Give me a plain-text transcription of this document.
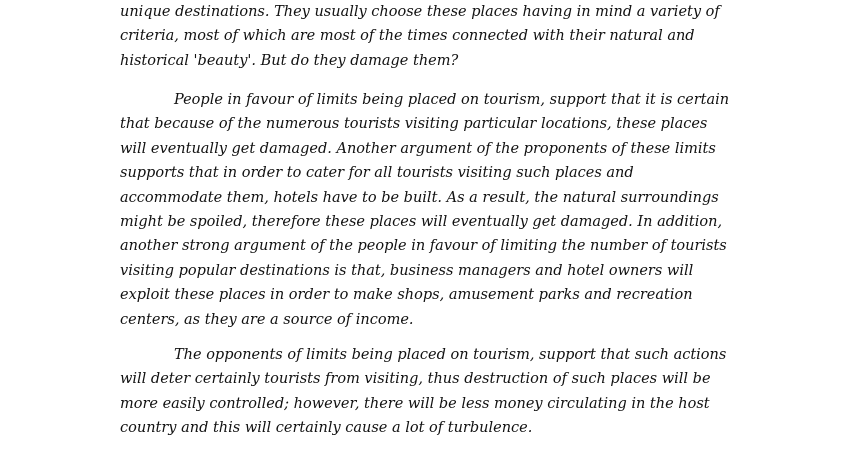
unique destinations. They usually choose these places having in mind a variety of
criteria, most of which are most of the times connected with their natural and
historical 'beauty'. But do they damage them?

People in favour of limits being placed on tourism, support that it is certain
that because of the numerous tourists visiting particular locations, these places
will eventually get damaged. Another argument of the proponents of these limits
supports that in order to cater for all tourists visiting such places and
accommodate them, hotels have to be built. As a result, the natural surroundings
might be spoiled, therefore these places will eventually get damaged. In addition,
another strong argument of the people in favour of limiting the number of tourists
visiting popular destinations is that, business managers and hotel owners will
exploit these places in order to make shops, amusement parks and recreation
centers, as they are a source of income.

The opponents of limits being placed on tourism, support that such actions
will deter certainly tourists from visiting, thus destruction of such places will be
more easily controlled; however, there will be less money circulating in the host
country and this will certainly cause a lot of turbulence.
